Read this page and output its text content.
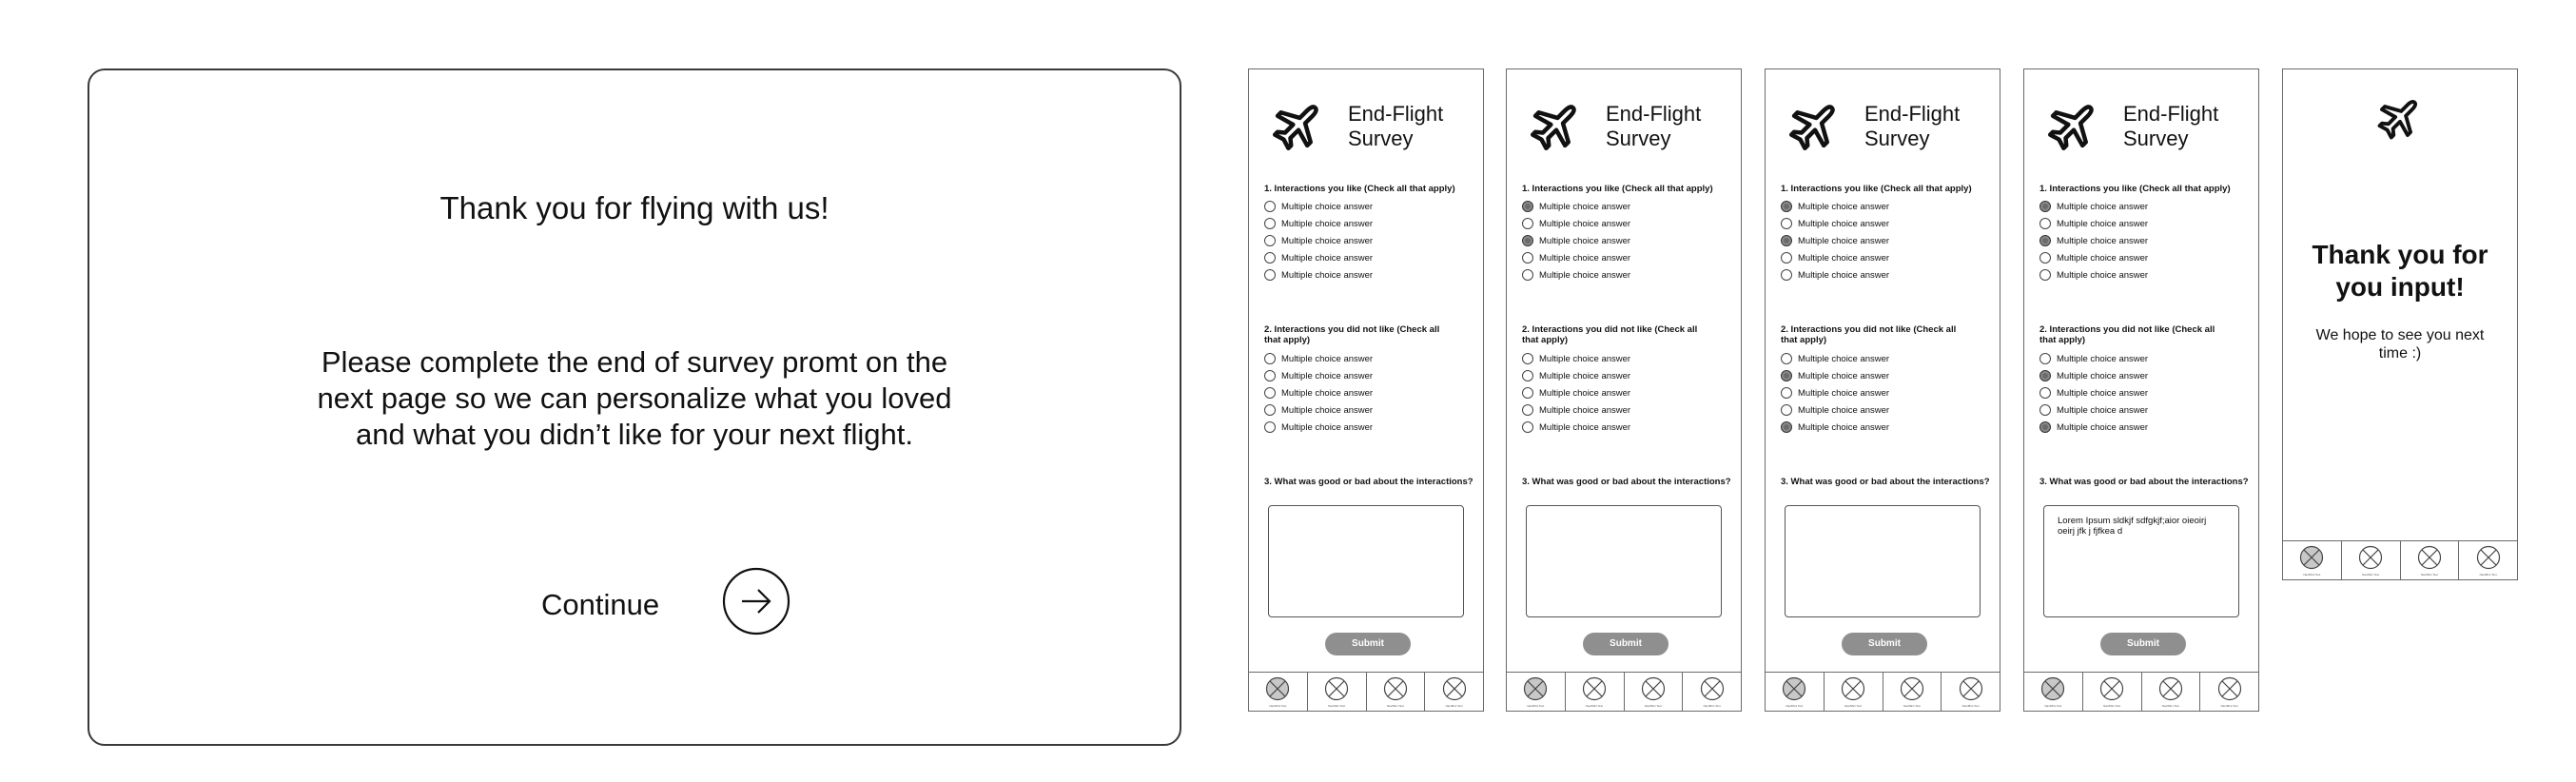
Thank you for flying with us!
Please complete the end of survey promt on the next page so we can personalize what you loved and what you didn’t like for your next flight.
Continue
End-Flight
Survey
1. Interactions you like (Check all that apply)
Multiple choice answer
Multiple choice answer
Multiple choice answer
Multiple choice answer
Multiple choice answer
2. Interactions you did not like (Check all that apply)
Multiple choice answer
Multiple choice answer
Multiple choice answer
Multiple choice answer
Multiple choice answer
3. What was good or bad about the interactions?
Submit
Nav/Mini Text	Nav/Mini Text	Nav/Mini Text	Nav/Mini Text
End-Flight
Survey
1. Interactions you like (Check all that apply)
Multiple choice answer
Multiple choice answer
Multiple choice answer
Multiple choice answer
Multiple choice answer
2. Interactions you did not like (Check all that apply)
Multiple choice answer
Multiple choice answer
Multiple choice answer
Multiple choice answer
Multiple choice answer
3. What was good or bad about the interactions?
Submit
Nav/Mini Text	Nav/Mini Text	Nav/Mini Text	Nav/Mini Text
End-Flight
Survey
1. Interactions you like (Check all that apply)
Multiple choice answer
Multiple choice answer
Multiple choice answer
Multiple choice answer
Multiple choice answer
2. Interactions you did not like (Check all that apply)
Multiple choice answer
Multiple choice answer
Multiple choice answer
Multiple choice answer
Multiple choice answer
3. What was good or bad about the interactions?
Submit
Nav/Mini Text	Nav/Mini Text	Nav/Mini Text	Nav/Mini Text
End-Flight
Survey
1. Interactions you like (Check all that apply)
Multiple choice answer
Multiple choice answer
Multiple choice answer
Multiple choice answer
Multiple choice answer
2. Interactions you did not like (Check all that apply)
Multiple choice answer
Multiple choice answer
Multiple choice answer
Multiple choice answer
Multiple choice answer
3. What was good or bad about the interactions?
Lorem Ipsum sldkjf sdfgkjf;aior oieoirj oeirj jfk j fjfkea d
Submit
Nav/Mini Text	Nav/Mini Text	Nav/Mini Text	Nav/Mini Text
Thank you for you input!
We hope to see you next time :)
Nav/Mini Text	Nav/Mini Text	Nav/Mini Text	Nav/Mini Text
